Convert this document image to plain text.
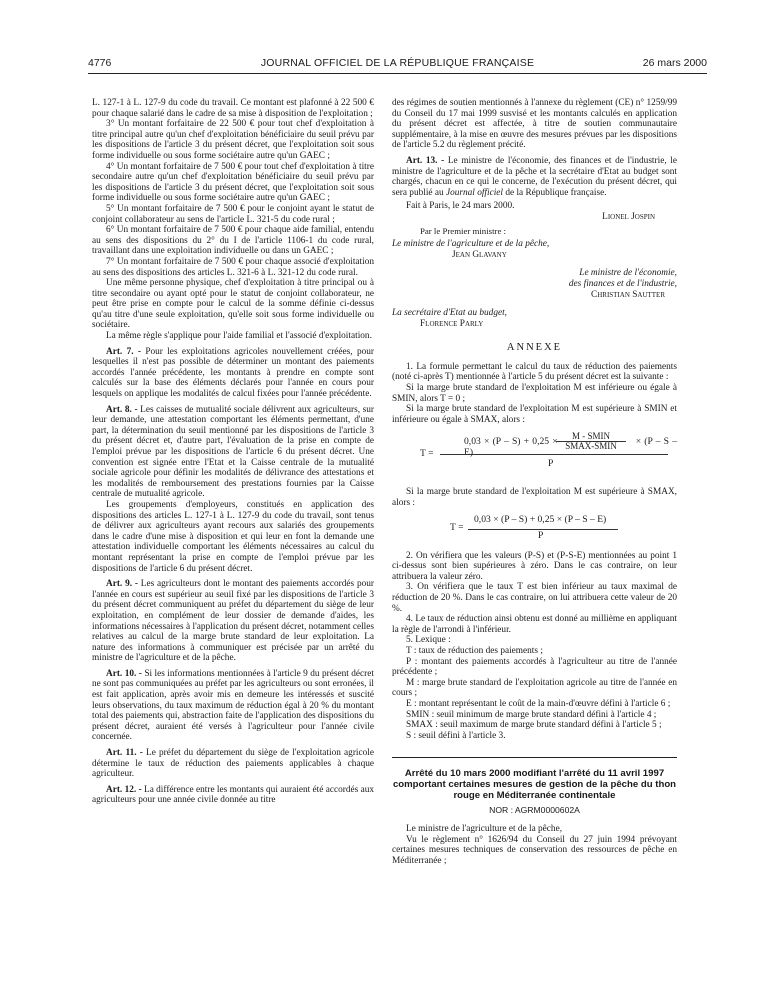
4776	JOURNAL OFFICIEL DE LA RÉPUBLIQUE FRANÇAISE	26 mars 2000

L. 127-1 à L. 127-9 du code du travail. Ce montant est plafonné à 22 500 € pour chaque salarié dans le cadre de sa mise à disposition de l'exploitation ;

3° Un montant forfaitaire de 22 500 € pour tout chef d'exploitation à titre principal autre qu'un chef d'exploitation bénéficiaire du seuil prévu par les dispositions de l'article 3 du présent décret, que l'exploitation soit sous forme individuelle ou sous forme sociétaire autre qu'un GAEC ;

4° Un montant forfaitaire de 7 500 € pour tout chef d'exploitation à titre secondaire autre qu'un chef d'exploitation bénéficiaire du seuil prévu par les dispositions de l'article 3 du présent décret, que l'exploitation soit sous forme individuelle ou sous forme sociétaire autre qu'un GAEC ;

5° Un montant forfaitaire de 7 500 € pour le conjoint ayant le statut de conjoint collaborateur au sens de l'article L. 321-5 du code rural ;

6° Un montant forfaitaire de 7 500 € pour chaque aide familial, entendu au sens des dispositions du 2° du I de l'article 1106-1 du code rural, travaillant dans une exploitation individuelle ou dans un GAEC ;

7° Un montant forfaitaire de 7 500 € pour chaque associé d'exploitation au sens des dispositions des articles L. 321-6 à L. 321-12 du code rural.

Une même personne physique, chef d'exploitation à titre principal ou à titre secondaire ou ayant opté pour le statut de conjoint collaborateur, ne peut être prise en compte pour le calcul de la somme définie ci-dessus qu'au titre d'une seule exploitation, qu'elle soit sous forme individuelle ou sociétaire.

La même règle s'applique pour l'aide familial et l'associé d'exploitation.

Art. 7. - Pour les exploitations agricoles nouvellement créées, pour lesquelles il n'est pas possible de déterminer un montant des paiements accordés l'année précédente, les montants à prendre en compte sont calculés sur la base des éléments déclarés pour l'année en cours pour lesquels on applique les modalités de calcul fixées pour l'année précédente.

Art. 8. - Les caisses de mutualité sociale délivrent aux agriculteurs, sur leur demande, une attestation comportant les éléments permettant, d'une part, la détermination du seuil mentionné par les dispositions de l'article 3 du présent décret et, d'autre part, l'évaluation de la prise en compte de l'emploi prévue par les dispositions de l'article 6 du présent décret. Une convention est signée entre l'Etat et la Caisse centrale de la mutualité sociale agricole pour définir les modalités de délivrance des attestations et les modalités de remboursement des prestations fournies par la Caisse centrale de mutualité agricole.

Les groupements d'employeurs, constitués en application des dispositions des articles L. 127-1 à L. 127-9 du code du travail, sont tenus de délivrer aux agriculteurs ayant recours aux salariés des groupements dans le cadre d'une mise à disposition et qui leur en font la demande une attestation individuelle comportant les éléments nécessaires au calcul du montant représentant la prise en compte de l'emploi prévue par les dispositions de l'article 6 du présent décret.

Art. 9. - Les agriculteurs dont le montant des paiements accordés pour l'année en cours est supérieur au seuil fixé par les dispositions de l'article 3 du présent décret communiquent au préfet du département du siège de leur exploitation, en complément de leur dossier de demande d'aides, les informations nécessaires à l'application du présent décret, notamment celles relatives au calcul de la marge brute standard de leur exploitation. La nature des informations à communiquer est précisée par un arrêté du ministre de l'agriculture et de la pêche.

Art. 10. - Si les informations mentionnées à l'article 9 du présent décret ne sont pas communiquées au préfet par les agriculteurs ou sont erronées, il est fait application, après avoir mis en demeure les intéressés et suscité leurs observations, du taux maximum de réduction égal à 20 % du montant total des paiements qui, abstraction faite de l'application des dispositions du présent décret, auraient été versés à l'agriculteur pour l'année civile concernée.

Art. 11. - Le préfet du département du siège de l'exploitation agricole détermine le taux de réduction des paiements applicables à chaque agriculteur.

Art. 12. - La différence entre les montants qui auraient été accordés aux agriculteurs pour une année civile donnée au titre

des régimes de soutien mentionnés à l'annexe du règlement (CE) n° 1259/99 du Conseil du 17 mai 1999 susvisé et les montants calculés en application du présent décret est affectée, à titre de soutien communautaire supplémentaire, à la mise en œuvre des mesures prévues par les dispositions de l'article 5.2 du règlement précité.

Art. 13. - Le ministre de l'économie, des finances et de l'industrie, le ministre de l'agriculture et de la pêche et la secrétaire d'Etat au budget sont chargés, chacun en ce qui le concerne, de l'exécution du présent décret, qui sera publié au Journal officiel de la République française.

Fait à Paris, le 24 mars 2000.

Lionel Jospin

Par le Premier ministre :

Le ministre de l'agriculture et de la pêche,

Jean Glavany

Le ministre de l'économie,

des finances et de l'industrie,

Christian Sautter

La secrétaire d'Etat au budget,

Florence Parly

ANNEXE

1. La formule permettant le calcul du taux de réduction des paiements (noté ci-après T) mentionnée à l'article 5 du présent décret est la suivante :

Si la marge brute standard de l'exploitation M est inférieure ou égale à SMIN, alors T = 0 ;

Si la marge brute standard de l'exploitation M est supérieure à SMIN et inférieure ou égale à SMAX, alors :

T =
0,03 × (P – S) + 0,25 ×	× (P – S – E)
M - SMIN
SMAX-SMIN
P

Si la marge brute standard de l'exploitation M est supérieure à SMAX, alors :

T =
0,03 × (P – S) + 0,25 × (P – S – E)
P

2. On vérifiera que les valeurs (P-S) et (P-S-E) mentionnées au point 1 ci-dessus sont bien supérieures à zéro. Dans le cas contraire, on leur attribuera la valeur zéro.

3. On vérifiera que le taux T est bien inférieur au taux maximal de réduction de 20 %. Dans le cas contraire, on lui attribuera cette valeur de 20 %.

4. Le taux de réduction ainsi obtenu est donné au millième en appliquant la règle de l'arrondi à l'inférieur.

5. Lexique :

T : taux de réduction des paiements ;

P : montant des paiements accordés à l'agriculteur au titre de l'année précédente ;

M : marge brute standard de l'exploitation agricole au titre de l'année en cours ;

E : montant représentant le coût de la main-d'œuvre défini à l'article 6 ;

SMIN : seuil minimum de marge brute standard défini à l'article 4 ;

SMAX : seuil maximum de marge brute standard défini à l'article 5 ;

S : seuil défini à l'article 3.

Arrêté du 10 mars 2000 modifiant l'arrêté du 11 avril 1997 comportant certaines mesures de gestion de la pêche du thon rouge en Méditerranée continentale
NOR : AGRM0000602A

Le ministre de l'agriculture et de la pêche,

Vu le règlement n° 1626/94 du Conseil du 27 juin 1994 prévoyant certaines mesures techniques de conservation des ressources de pêche en Méditerranée ;
